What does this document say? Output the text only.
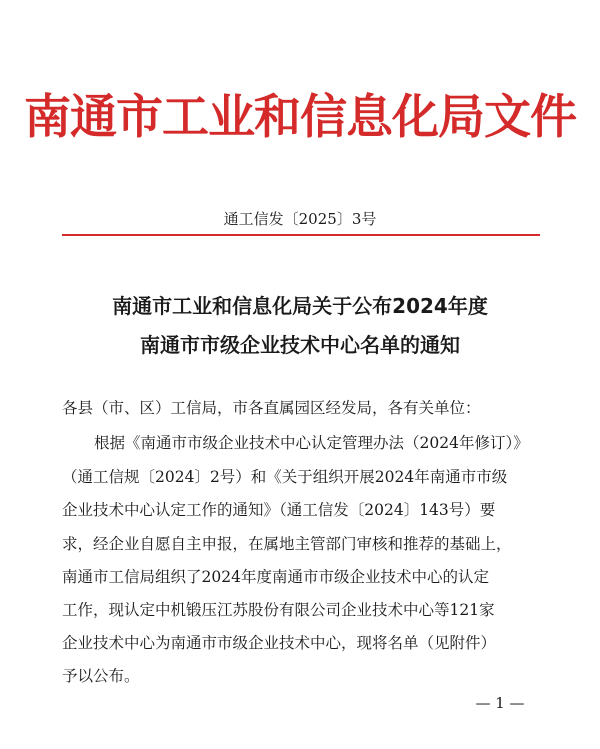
南通市工业和信息化局文件
通工信发〔2025〕3号
南通市工业和信息化局关于公布2024年度
南通市市级企业技术中心名单的通知
各县（市、区）工信局，市各直属园区经发局，各有关单位：
根据《南通市市级企业技术中心认定管理办法（2024年修订）》
（通工信规〔2024〕2号）和《关于组织开展2024年南通市市级
企业技术中心认定工作的通知》（通工信发〔2024〕143号）要
求，经企业自愿自主申报，在属地主管部门审核和推荐的基础上，
南通市工信局组织了2024年度南通市市级企业技术中心的认定
工作，现认定中机锻压江苏股份有限公司企业技术中心等121家
企业技术中心为南通市市级企业技术中心，现将名单（见附件）
予以公布。
— 1 —
